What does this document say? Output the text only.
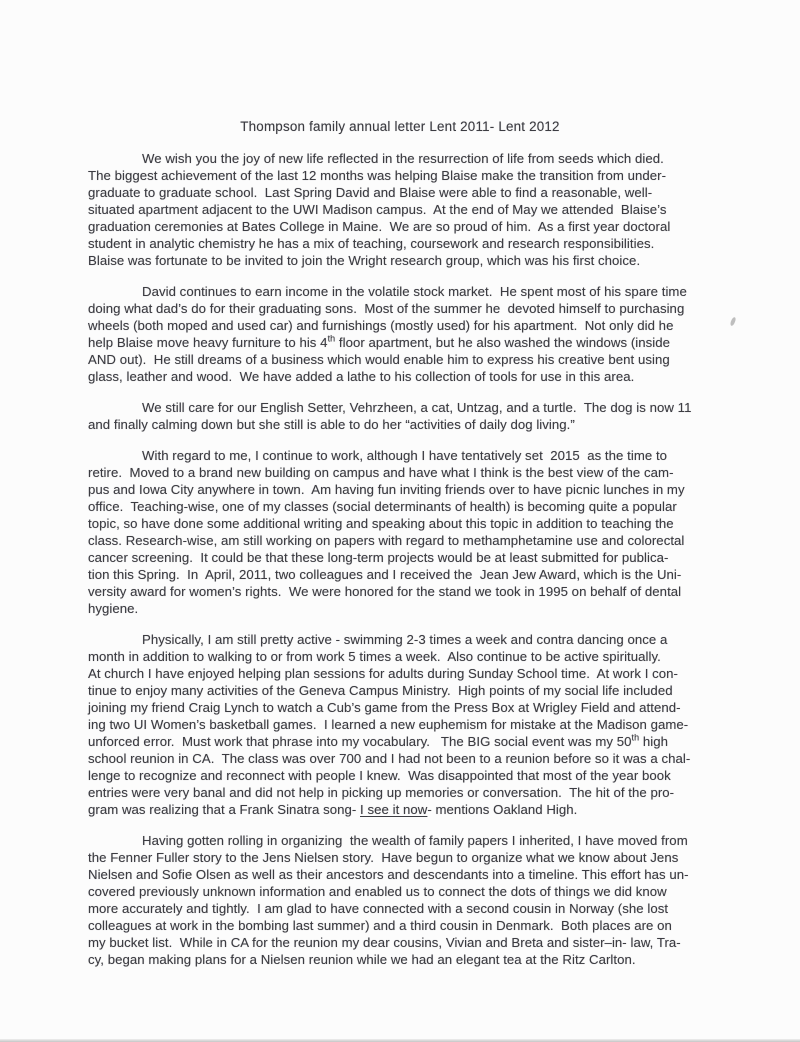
Thompson family annual letter Lent 2011- Lent 2012

We wish you the joy of new life reflected in the resurrection of life from seeds which died.
The biggest achievement of the last 12 months was helping Blaise make the transition from under-
graduate to graduate school.  Last Spring David and Blaise were able to find a reasonable, well-
situated apartment adjacent to the UWI Madison campus.  At the end of May we attended  Blaise’s
graduation ceremonies at Bates College in Maine.  We are so proud of him.  As a first year doctoral
student in analytic chemistry he has a mix of teaching, coursework and research responsibilities.
Blaise was fortunate to be invited to join the Wright research group, which was his first choice.

David continues to earn income in the volatile stock market.  He spent most of his spare time
doing what dad’s do for their graduating sons.  Most of the summer he  devoted himself to purchasing
wheels (both moped and used car) and furnishings (mostly used) for his apartment.  Not only did he
help Blaise move heavy furniture to his 4th floor apartment, but he also washed the windows (inside
AND out).  He still dreams of a business which would enable him to express his creative bent using
glass, leather and wood.  We have added a lathe to his collection of tools for use in this area.

We still care for our English Setter, Vehrzheen, a cat, Untzag, and a turtle.  The dog is now 11
and finally calming down but she still is able to do her “activities of daily dog living.”

With regard to me, I continue to work, although I have tentatively set  2015  as the time to
retire.  Moved to a brand new building on campus and have what I think is the best view of the cam-
pus and Iowa City anywhere in town.  Am having fun inviting friends over to have picnic lunches in my
office.  Teaching-wise, one of my classes (social determinants of health) is becoming quite a popular
topic, so have done some additional writing and speaking about this topic in addition to teaching the
class. Research-wise, am still working on papers with regard to methamphetamine use and colorectal
cancer screening.  It could be that these long-term projects would be at least submitted for publica-
tion this Spring.  In  April, 2011, two colleagues and I received the  Jean Jew Award, which is the Uni-
versity award for women’s rights.  We were honored for the stand we took in 1995 on behalf of dental
hygiene.

Physically, I am still pretty active - swimming 2-3 times a week and contra dancing once a
month in addition to walking to or from work 5 times a week.  Also continue to be active spiritually.
At church I have enjoyed helping plan sessions for adults during Sunday School time.  At work I con-
tinue to enjoy many activities of the Geneva Campus Ministry.  High points of my social life included
joining my friend Craig Lynch to watch a Cub’s game from the Press Box at Wrigley Field and attend-
ing two UI Women’s basketball games.  I learned a new euphemism for mistake at the Madison game-
unforced error.  Must work that phrase into my vocabulary.   The BIG social event was my 50th high
school reunion in CA.  The class was over 700 and I had not been to a reunion before so it was a chal-
lenge to recognize and reconnect with people I knew.  Was disappointed that most of the year book
entries were very banal and did not help in picking up memories or conversation.  The hit of the pro-
gram was realizing that a Frank Sinatra song- I see it now- mentions Oakland High.

Having gotten rolling in organizing  the wealth of family papers I inherited, I have moved from
the Fenner Fuller story to the Jens Nielsen story.  Have begun to organize what we know about Jens
Nielsen and Sofie Olsen as well as their ancestors and descendants into a timeline. This effort has un-
covered previously unknown information and enabled us to connect the dots of things we did know
more accurately and tightly.  I am glad to have connected with a second cousin in Norway (she lost
colleagues at work in the bombing last summer) and a third cousin in Denmark.  Both places are on
my bucket list.  While in CA for the reunion my dear cousins, Vivian and Breta and sister–in- law, Tra-
cy, began making plans for a Nielsen reunion while we had an elegant tea at the Ritz Carlton.
